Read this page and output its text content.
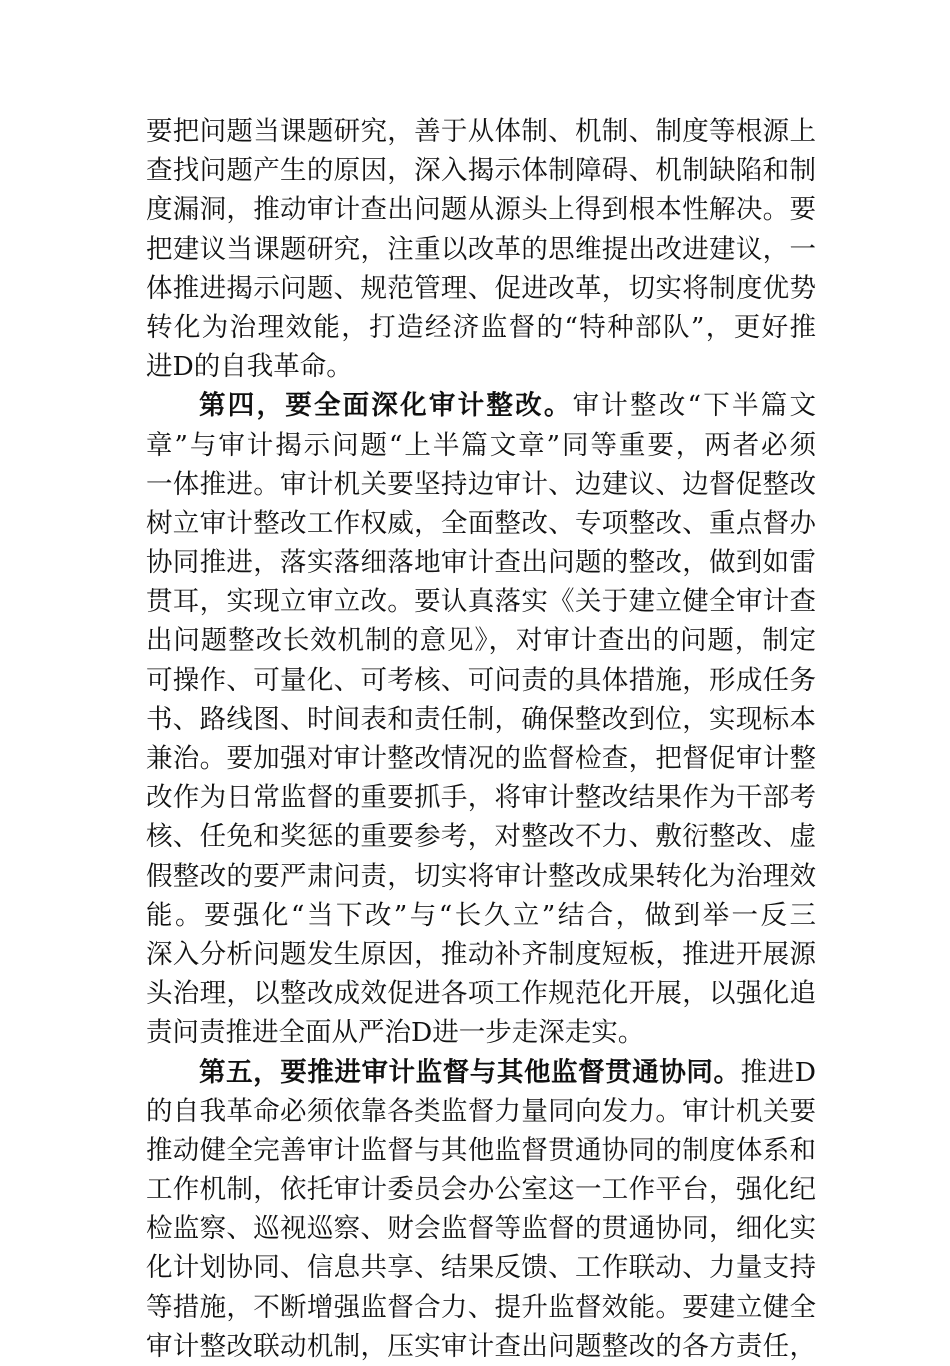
要把问题当课题研究，善于从体制、机制、制度等根源上
查找问题产生的原因，深入揭示体制障碍、机制缺陷和制
度漏洞，推动审计查出问题从源头上得到根本性解决。要
把建议当课题研究，注重以改革的思维提出改进建议，一
体推进揭示问题、规范管理、促进改革，切实将制度优势
转化为治理效能，打造经济监督的“特种部队”，更好推
进D的自我革命。
第四，要全面深化审计整改。审计整改“下半篇文
章”与审计揭示问题“上半篇文章”同等重要，两者必须
一体推进。审计机关要坚持边审计、边建议、边督促整改
树立审计整改工作权威，全面整改、专项整改、重点督办
协同推进，落实落细落地审计查出问题的整改，做到如雷
贯耳，实现立审立改。要认真落实《关于建立健全审计查
出问题整改长效机制的意见》，对审计查出的问题，制定
可操作、可量化、可考核、可问责的具体措施，形成任务
书、路线图、时间表和责任制，确保整改到位，实现标本
兼治。要加强对审计整改情况的监督检查，把督促审计整
改作为日常监督的重要抓手，将审计整改结果作为干部考
核、任免和奖惩的重要参考，对整改不力、敷衍整改、虚
假整改的要严肃问责，切实将审计整改成果转化为治理效
能。要强化“当下改”与“长久立”结合，做到举一反三
深入分析问题发生原因，推动补齐制度短板，推进开展源
头治理，以整改成效促进各项工作规范化开展，以强化追
责问责推进全面从严治D进一步走深走实。
第五，要推进审计监督与其他监督贯通协同。推进D
的自我革命必须依靠各类监督力量同向发力。审计机关要
推动健全完善审计监督与其他监督贯通协同的制度体系和
工作机制，依托审计委员会办公室这一工作平台，强化纪
检监察、巡视巡察、财会监督等监督的贯通协同，细化实
化计划协同、信息共享、结果反馈、工作联动、力量支持
等措施，不断增强监督合力、提升监督效能。要建立健全
审计整改联动机制，压实审计查出问题整改的各方责任，
